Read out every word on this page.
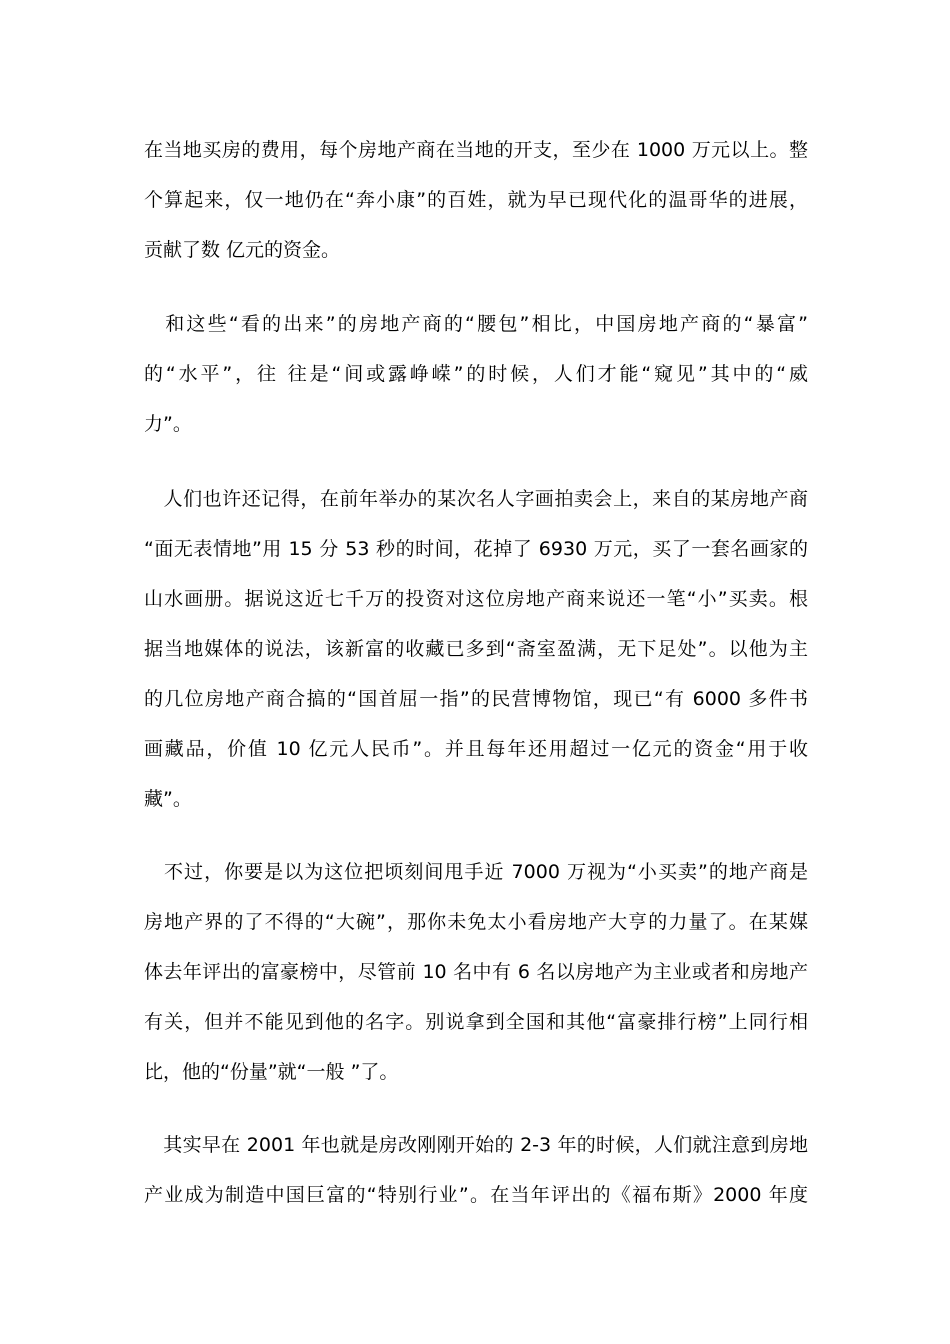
在当地买房的费用，每个房地产商在当地的开支，至少在 1000 万元以上。整
个算起来，仅一地仍在“奔小康”的百姓，就为早已现代化的温哥华的进展，
贡献了数 亿元的资金。
　和这些“看的出来”的房地产商的“腰包”相比，中国房地产商的“暴富”
的“水平”，往 往是“间或露峥嵘”的时候，人们才能“窥见”其中的“威
力”。
　人们也许还记得，在前年举办的某次名人字画拍卖会上，来自的某房地产商
“面无表情地”用 15 分 53 秒的时间，花掉了 6930 万元，买了一套名画家的
山水画册。据说这近七千万的投资对这位房地产商来说还一笔“小”买卖。根
据当地媒体的说法，该新富的收藏已多到“斋室盈满，无下足处”。以他为主
的几位房地产商合搞的“国首屈一指”的民营博物馆，现已“有 6000 多件书
画藏品，价值 10 亿元人民币”。并且每年还用超过一亿元的资金“用于收
藏”。
　不过，你要是以为这位把顷刻间甩手近 7000 万视为“小买卖”的地产商是
房地产界的了不得的“大碗”，那你未免太小看房地产大亨的力量了。在某媒
体去年评出的富豪榜中，尽管前 10 名中有 6 名以房地产为主业或者和房地产
有关，但并不能见到他的名字。别说拿到全国和其他“富豪排行榜”上同行相
比，他的“份量”就“一般 ”了。
　其实早在 2001 年也就是房改刚刚开始的 2-3 年的时候，人们就注意到房地
产业成为制造中国巨富的“特别行业”。在当年评出的《福布斯》2000 年度
